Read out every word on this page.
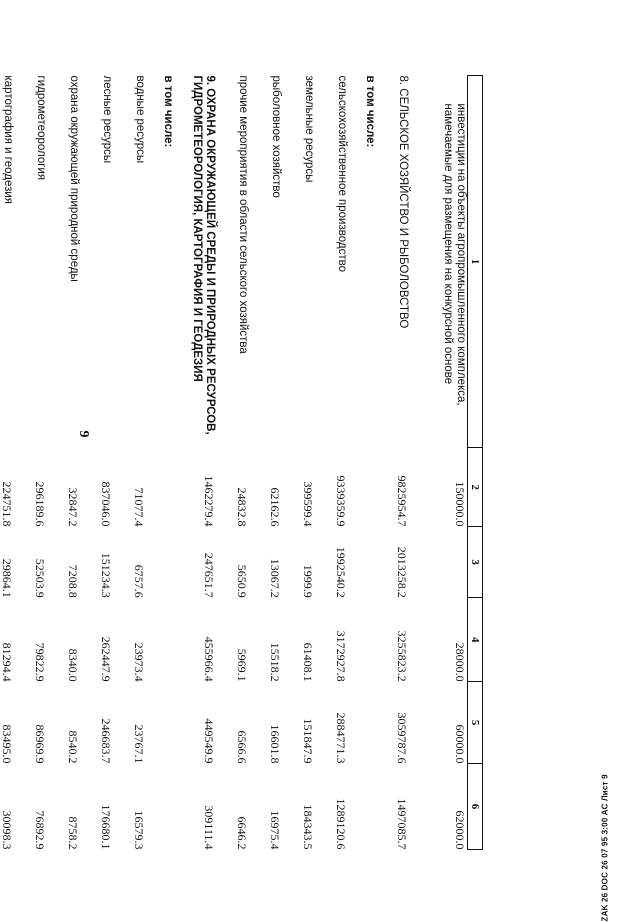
9
ZAK 26 DOC 26 07 95 3:00 AC Лист 9
1	2	3	4	5	6
инвестиции на объекты агропромышленного комплекса, намечаемые для размещения на конкурсной основе	150000.0		28000.0	60000.0	62000.0
8. СЕЛЬСКОЕ ХОЗЯЙСТВО И РЫБОЛОВСТВО	9825954.7	2013258.2	3255823.2	3059787.6	1497085.7
в том числе:					
сельскохозяйственное производство	9339359.9	1992540.2	3172927.8	2884771.3	1289120.6
земельные ресурсы	399599.4	1999.9	61408.1	151847.9	184343.5
рыболовное хозяйство	62162.6	13067.2	15518.2	16601.8	16975.4
прочие мероприятия в области сельского хозяйства	24832.8	5650.9	5969.1	6566.6	6646.2
9. ОХРАНА ОКРУЖАЮЩЕЙ СРЕДЫ И ПРИРОДНЫХ РЕСУРСОВ, ГИДРОМЕТЕОРОЛОГИЯ, КАРТОГРАФИЯ И ГЕОДЕЗИЯ	1462279.4	247651.7	455966.4	449549.9	309111.4
в том числе:					
водные ресурсы	71077.4	6757.6	23973.4	23767.1	16579.3
лесные ресурсы	837046.0	151234.3	262447.9	246683.7	176680.1
охрана окружающей природной среды	32847.2	7208.8	8340.0	8540.2	8758.2
гидрометеорология	296189.6	52503.9	79822.9	86969.9	76892.9
картография и геодезия	224751.8	29864.1	81294.4	83495.0	30098.3
